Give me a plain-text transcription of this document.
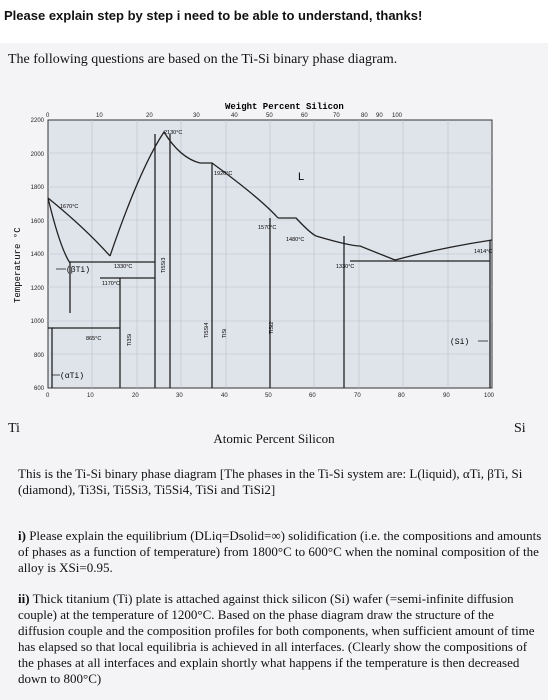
Please explain step by step i need to be able to understand, thanks!

The following questions are based on the Ti-Si binary phase diagram.

Weight Percent Silicon
0	10	20	30	40	50	60	70	80 90 100
0	10	20	30	40	50	60	70	80	90	100
2200
2000
1800
1600
1400
1200
1000
800
600
Temperature °C
L
(βTi)
(αTi)
(Si)
Ti3Si
Ti5Si3
Ti5Si4 TiSi	TiSi2
2130°C
1920°C
1670°C
1570°C
1480°C
1414°C
1330°C	1330°C
1170°C
865°C
Ti	Si
Atomic Percent Silicon

This is the Ti-Si binary phase diagram [The phases in the Ti-Si system are: L(liquid), αTi, βTi, Si (diamond), Ti3Si, Ti5Si3, Ti5Si4, TiSi and TiSi2]

i) Please explain the equilibrium (DLiq=Dsolid=∞) solidification (i.e. the compositions and amounts of phases as a function of temperature) from 1800°C to 600°C when the nominal composition of the alloy is XSi=0.95.

ii) Thick titanium (Ti) plate is attached against thick silicon (Si) wafer (=semi-infinite diffusion couple) at the temperature of 1200°C. Based on the phase diagram draw the structure of the diffusion couple and the composition profiles for both components, when sufficient amount of time has elapsed so that local equilibria is achieved in all interfaces. (Clearly show the compositions of the phases at all interfaces and explain shortly what happens if the temperature is then decreased down to 800°C)
